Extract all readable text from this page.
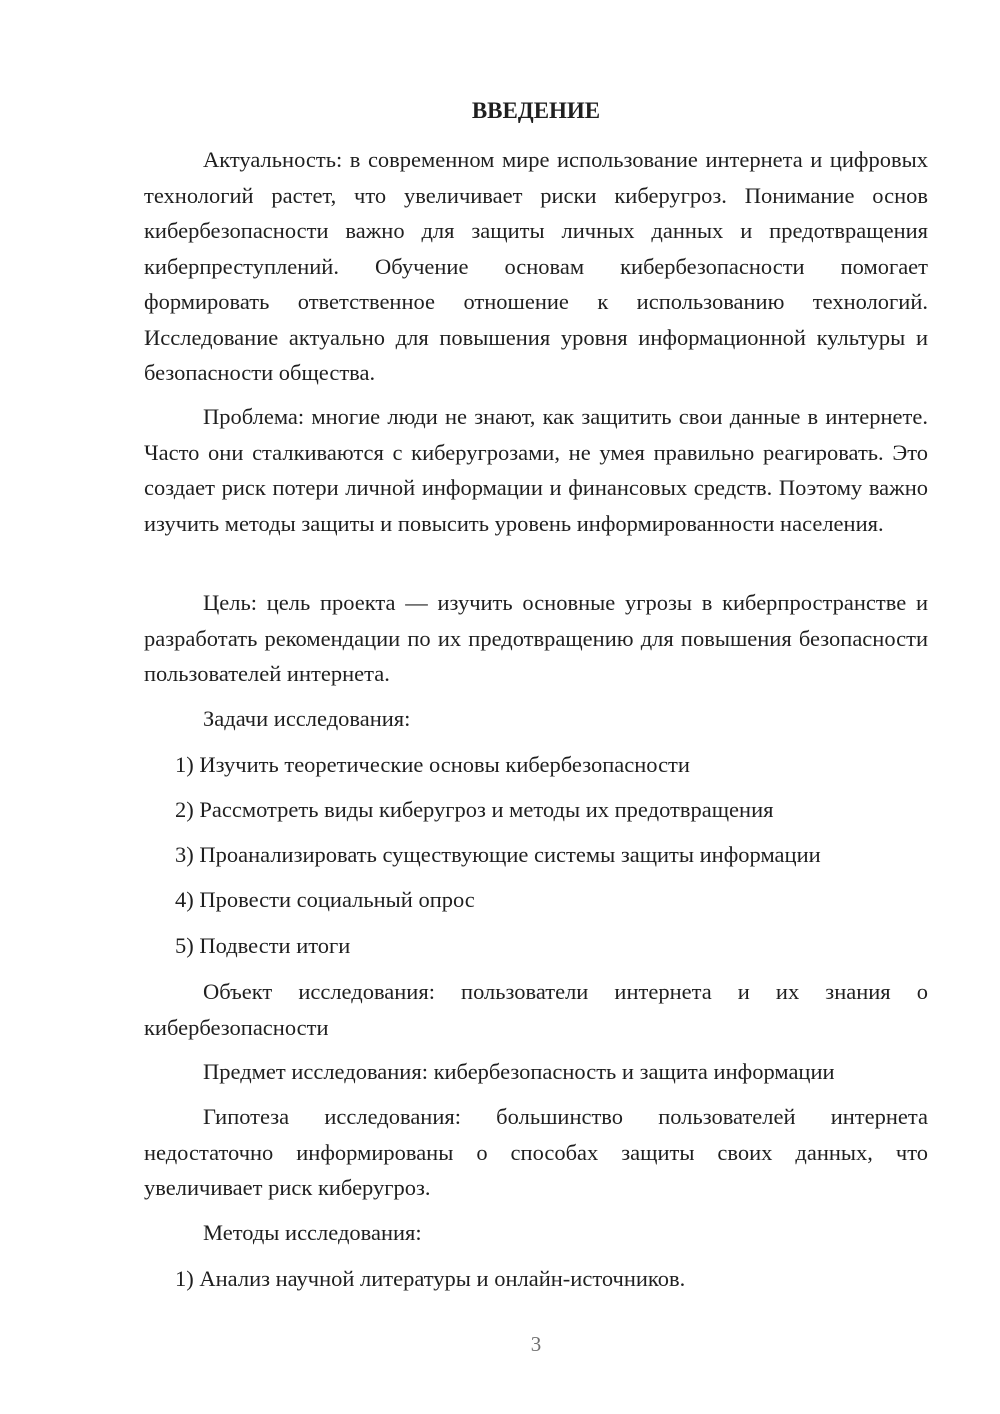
ВВЕДЕНИЕ

Актуальность: в современном мире использование интернета и цифровых технологий растет, что увеличивает риски киберугроз. Понимание основ кибербезопасности важно для защиты личных данных и предотвращения киберпреступлений. Обучение основам кибербезопасности помогает формировать ответственное отношение к использованию технологий. Исследование актуально для повышения уровня информационной культуры и безопасности общества.

Проблема: многие люди не знают, как защитить свои данные в интернете. Часто они сталкиваются с киберугрозами, не умея правильно реагировать. Это создает риск потери личной информации и финансовых средств. Поэтому важно изучить методы защиты и повысить уровень информированности населения.

Цель: цель проекта — изучить основные угрозы в киберпространстве и разработать рекомендации по их предотвращению для повышения безопасности пользователей интернета.

Задачи исследования:

1) Изучить теоретические основы кибербезопасности

2) Рассмотреть виды киберугроз и методы их предотвращения

3) Проанализировать существующие системы защиты информации

4) Провести социальный опрос

5) Подвести итоги

Объект исследования: пользователи интернета и их знания о кибербезопасности

Предмет исследования: кибербезопасность и защита информации

Гипотеза исследования: большинство пользователей интернета недостаточно информированы о способах защиты своих данных, что увеличивает риск киберугроз.

Методы исследования:

1) Анализ научной литературы и онлайн-источников.

3
